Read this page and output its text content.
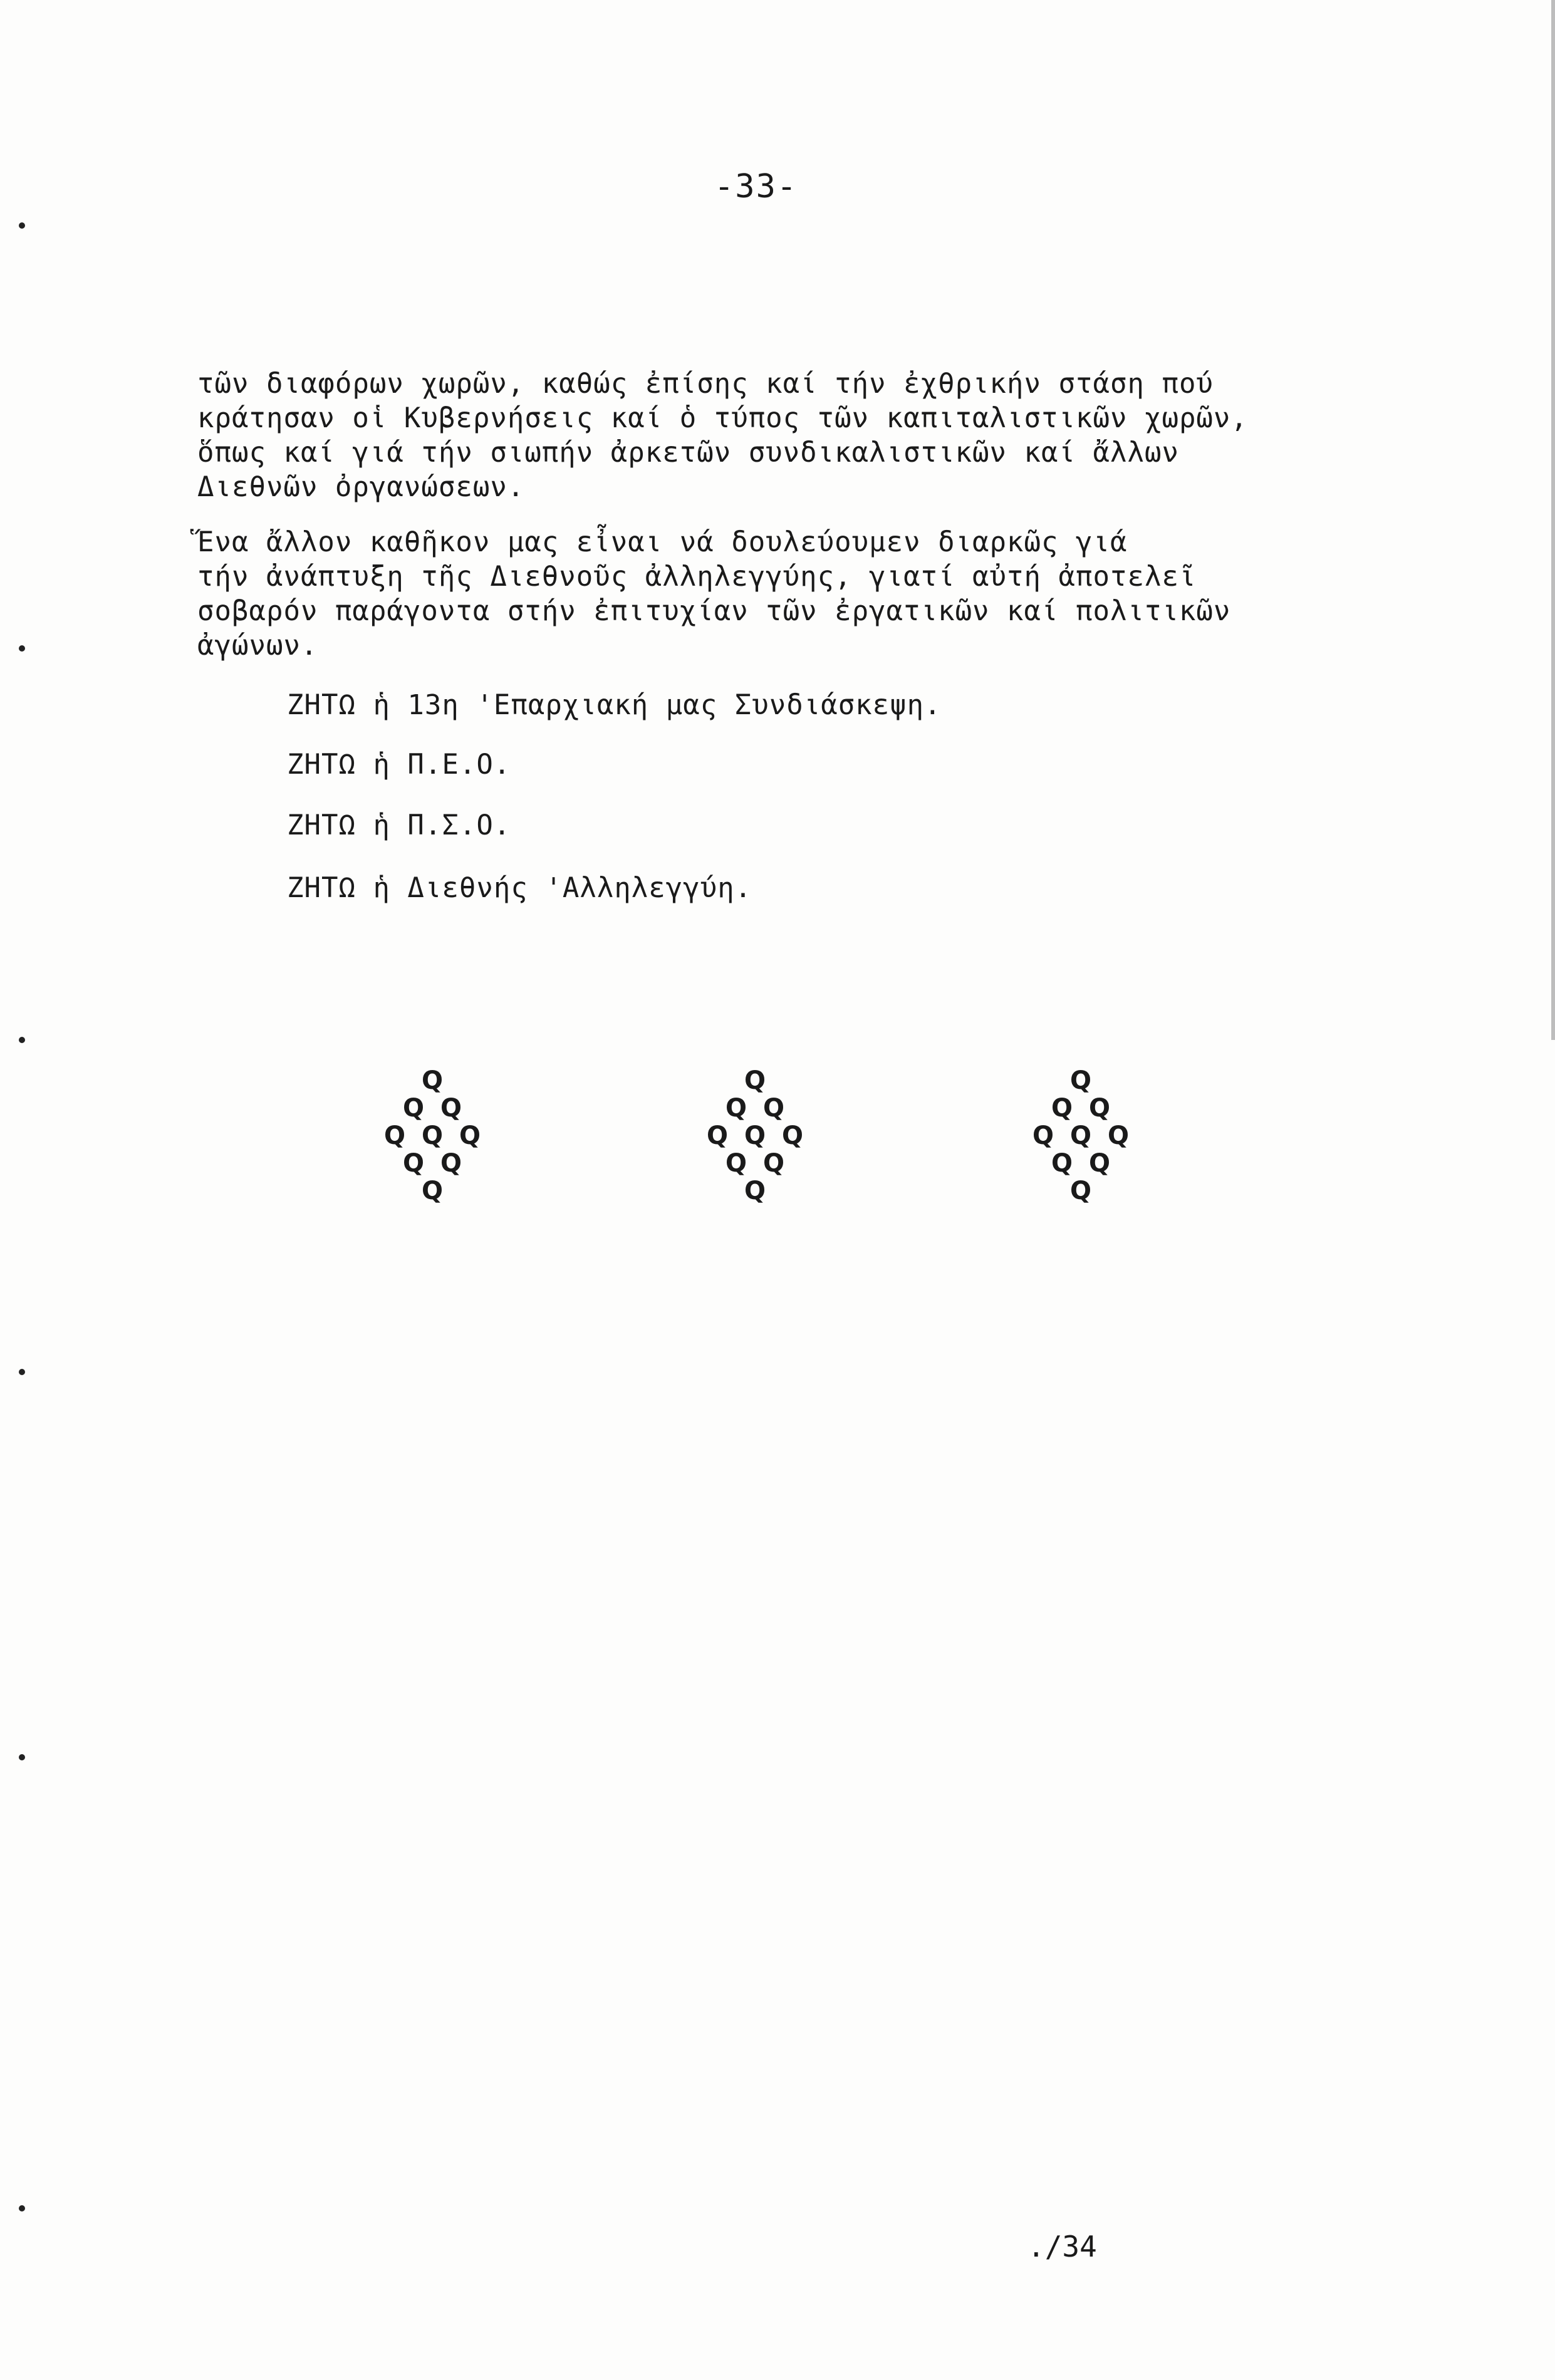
-33-
τῶν διαφόρων χωρῶν, καθώς ἐπίσης καί τήν ἐχθρικήν στάση πού
κράτησαν οἱ Κυβερνήσεις καί ὁ τύπος τῶν καπιταλιστικῶν χωρῶν,
ὅπως καί γιά τήν σιωπήν ἀρκετῶν συνδικαλιστικῶν καί ἄλλων
Διεθνῶν ὀργανώσεων.
Ἕνα ἄλλον καθῆκον μας εἶναι νά δουλεύουμεν διαρκῶς γιά
τήν ἀνάπτυξη τῆς Διεθνοῦς ἀλληλεγγύης, γιατί αὐτή ἀποτελεῖ
σοβαρόν παράγοντα στήν ἐπιτυχίαν τῶν ἐργατικῶν καί πολιτικῶν
ἀγώνων.
ΖΗΤΩ ἡ 13η 'Επαρχιακή μας Συνδιάσκεψη.
ΖΗΤΩ ἡ Π.Ε.Ο.
ΖΗΤΩ ἡ Π.Σ.Ο.
ΖΗΤΩ ἡ Διεθνής 'Αλληλεγγύη.
Q
Q Q
Q Q Q
Q Q
Q
Q
Q Q
Q Q Q
Q Q
Q
Q
Q Q
Q Q Q
Q Q
Q
./34
